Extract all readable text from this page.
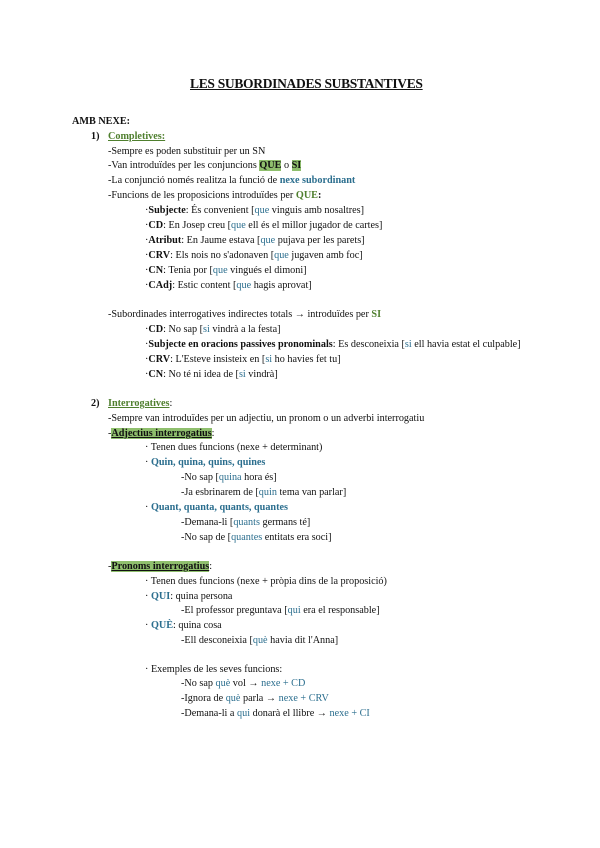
LES SUBORDINADES SUBSTANTIVES
AMB NEXE:
1) Completives:
-Sempre es poden substituir per un SN
-Van introduïdes per les conjuncions QUE o SI
-La conjunció només realitza la funció de nexe subordinant
-Funcions de les proposicions introduïdes per QUE:
·Subjecte: És convenient [que vinguis amb nosaltres]
·CD: En Josep creu [que ell és el millor jugador de cartes]
·Atribut: En Jaume estava [que pujava per les parets]
·CRV: Els nois no s'adonaven [que jugaven amb foc]
·CN: Tenia por [que vingués el dimoni]
·CAdj: Estic content [que hagis aprovat]
-Subordinades interrogatives indirectes totals → introduïdes per SI
·CD: No sap [si vindrà a la festa]
·Subjecte en oracions passives pronominals: Es desconeixia [si ell havia estat el culpable]
·CRV: L'Esteve insisteix en [si ho havies fet tu]
·CN: No té ni idea de [si vindrà]
2) Interrogatives:
-Sempre van introduïdes per un adjectiu, un pronom o un adverbi interrogatiu
-Adjectius interrogatius:
· Tenen dues funcions (nexe + determinant)
· Quin, quina, quins, quines
-No sap [quina hora és]
-Ja esbrinarem de [quin tema van parlar]
· Quant, quanta, quants, quantes
-Demana-li [quants germans té]
-No sap de [quantes entitats era soci]
-Pronoms interrogatius:
· Tenen dues funcions (nexe + pròpia dins de la proposició)
· QUI: quina persona
-El professor preguntava [qui era el responsable]
· QUÈ: quina cosa
-Ell desconeixia [què havia dit l'Anna]
· Exemples de les seves funcions:
-No sap què vol → nexe + CD
-Ignora de què parla → nexe + CRV
-Demana-li a qui donarà el llibre → nexe + CI
